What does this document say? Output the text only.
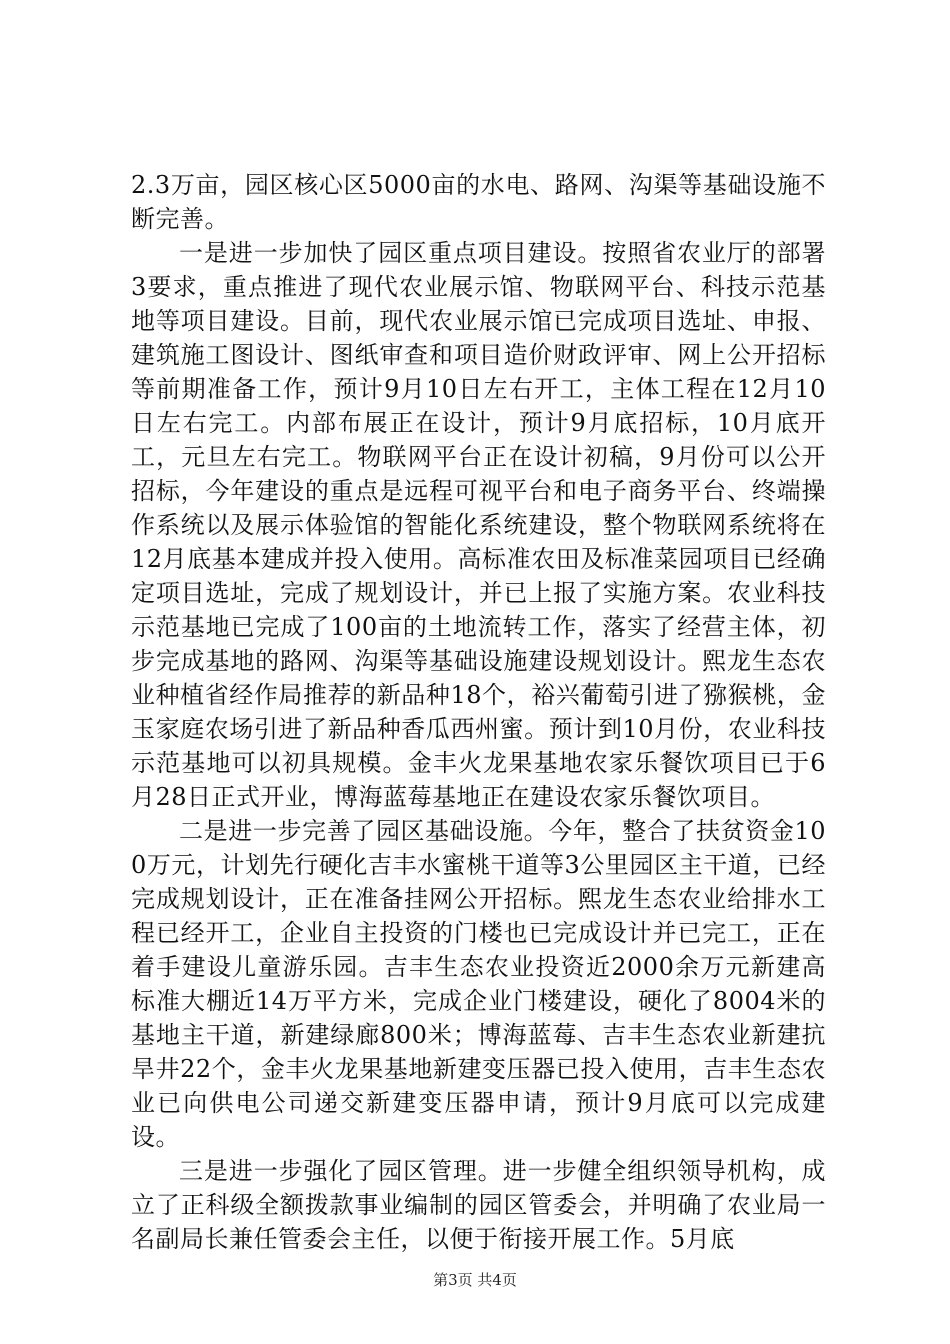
2.3万亩，园区核心区5000亩的水电、路网、沟渠等基础设施不断完善。

一是进一步加快了园区重点项目建设。按照省农业厅的部署3要求，重点推进了现代农业展示馆、物联网平台、科技示范基地等项目建设。目前，现代农业展示馆已完成项目选址、申报、建筑施工图设计、图纸审查和项目造价财政评审、网上公开招标等前期准备工作，预计9月10日左右开工，主体工程在12月10日左右完工。内部布展正在设计，预计9月底招标，10月底开工，元旦左右完工。物联网平台正在设计初稿，9月份可以公开招标，今年建设的重点是远程可视平台和电子商务平台、终端操作系统以及展示体验馆的智能化系统建设，整个物联网系统将在12月底基本建成并投入使用。高标准农田及标准菜园项目已经确定项目选址，完成了规划设计，并已上报了实施方案。农业科技示范基地已完成了100亩的土地流转工作，落实了经营主体，初步完成基地的路网、沟渠等基础设施建设规划设计。熙龙生态农业种植省经作局推荐的新品种18个，裕兴葡萄引进了猕猴桃，金玉家庭农场引进了新品种香瓜西州蜜。预计到10月份，农业科技示范基地可以初具规模。金丰火龙果基地农家乐餐饮项目已于6月28日正式开业，博海蓝莓基地正在建设农家乐餐饮项目。

二是进一步完善了园区基础设施。今年，整合了扶贫资金100万元，计划先行硬化吉丰水蜜桃干道等3公里园区主干道，已经完成规划设计，正在准备挂网公开招标。熙龙生态农业给排水工程已经开工，企业自主投资的门楼也已完成设计并已完工，正在着手建设儿童游乐园。吉丰生态农业投资近2000余万元新建高标准大棚近14万平方米，完成企业门楼建设，硬化了8004米的基地主干道，新建绿廊800米；博海蓝莓、吉丰生态农业新建抗旱井22个，金丰火龙果基地新建变压器已投入使用，吉丰生态农业已向供电公司递交新建变压器申请，预计9月底可以完成建设。

三是进一步强化了园区管理。进一步健全组织领导机构，成立了正科级全额拨款事业编制的园区管委会，并明确了农业局一名副局长兼任管委会主任，以便于衔接开展工作。5月底

第3页 共4页
